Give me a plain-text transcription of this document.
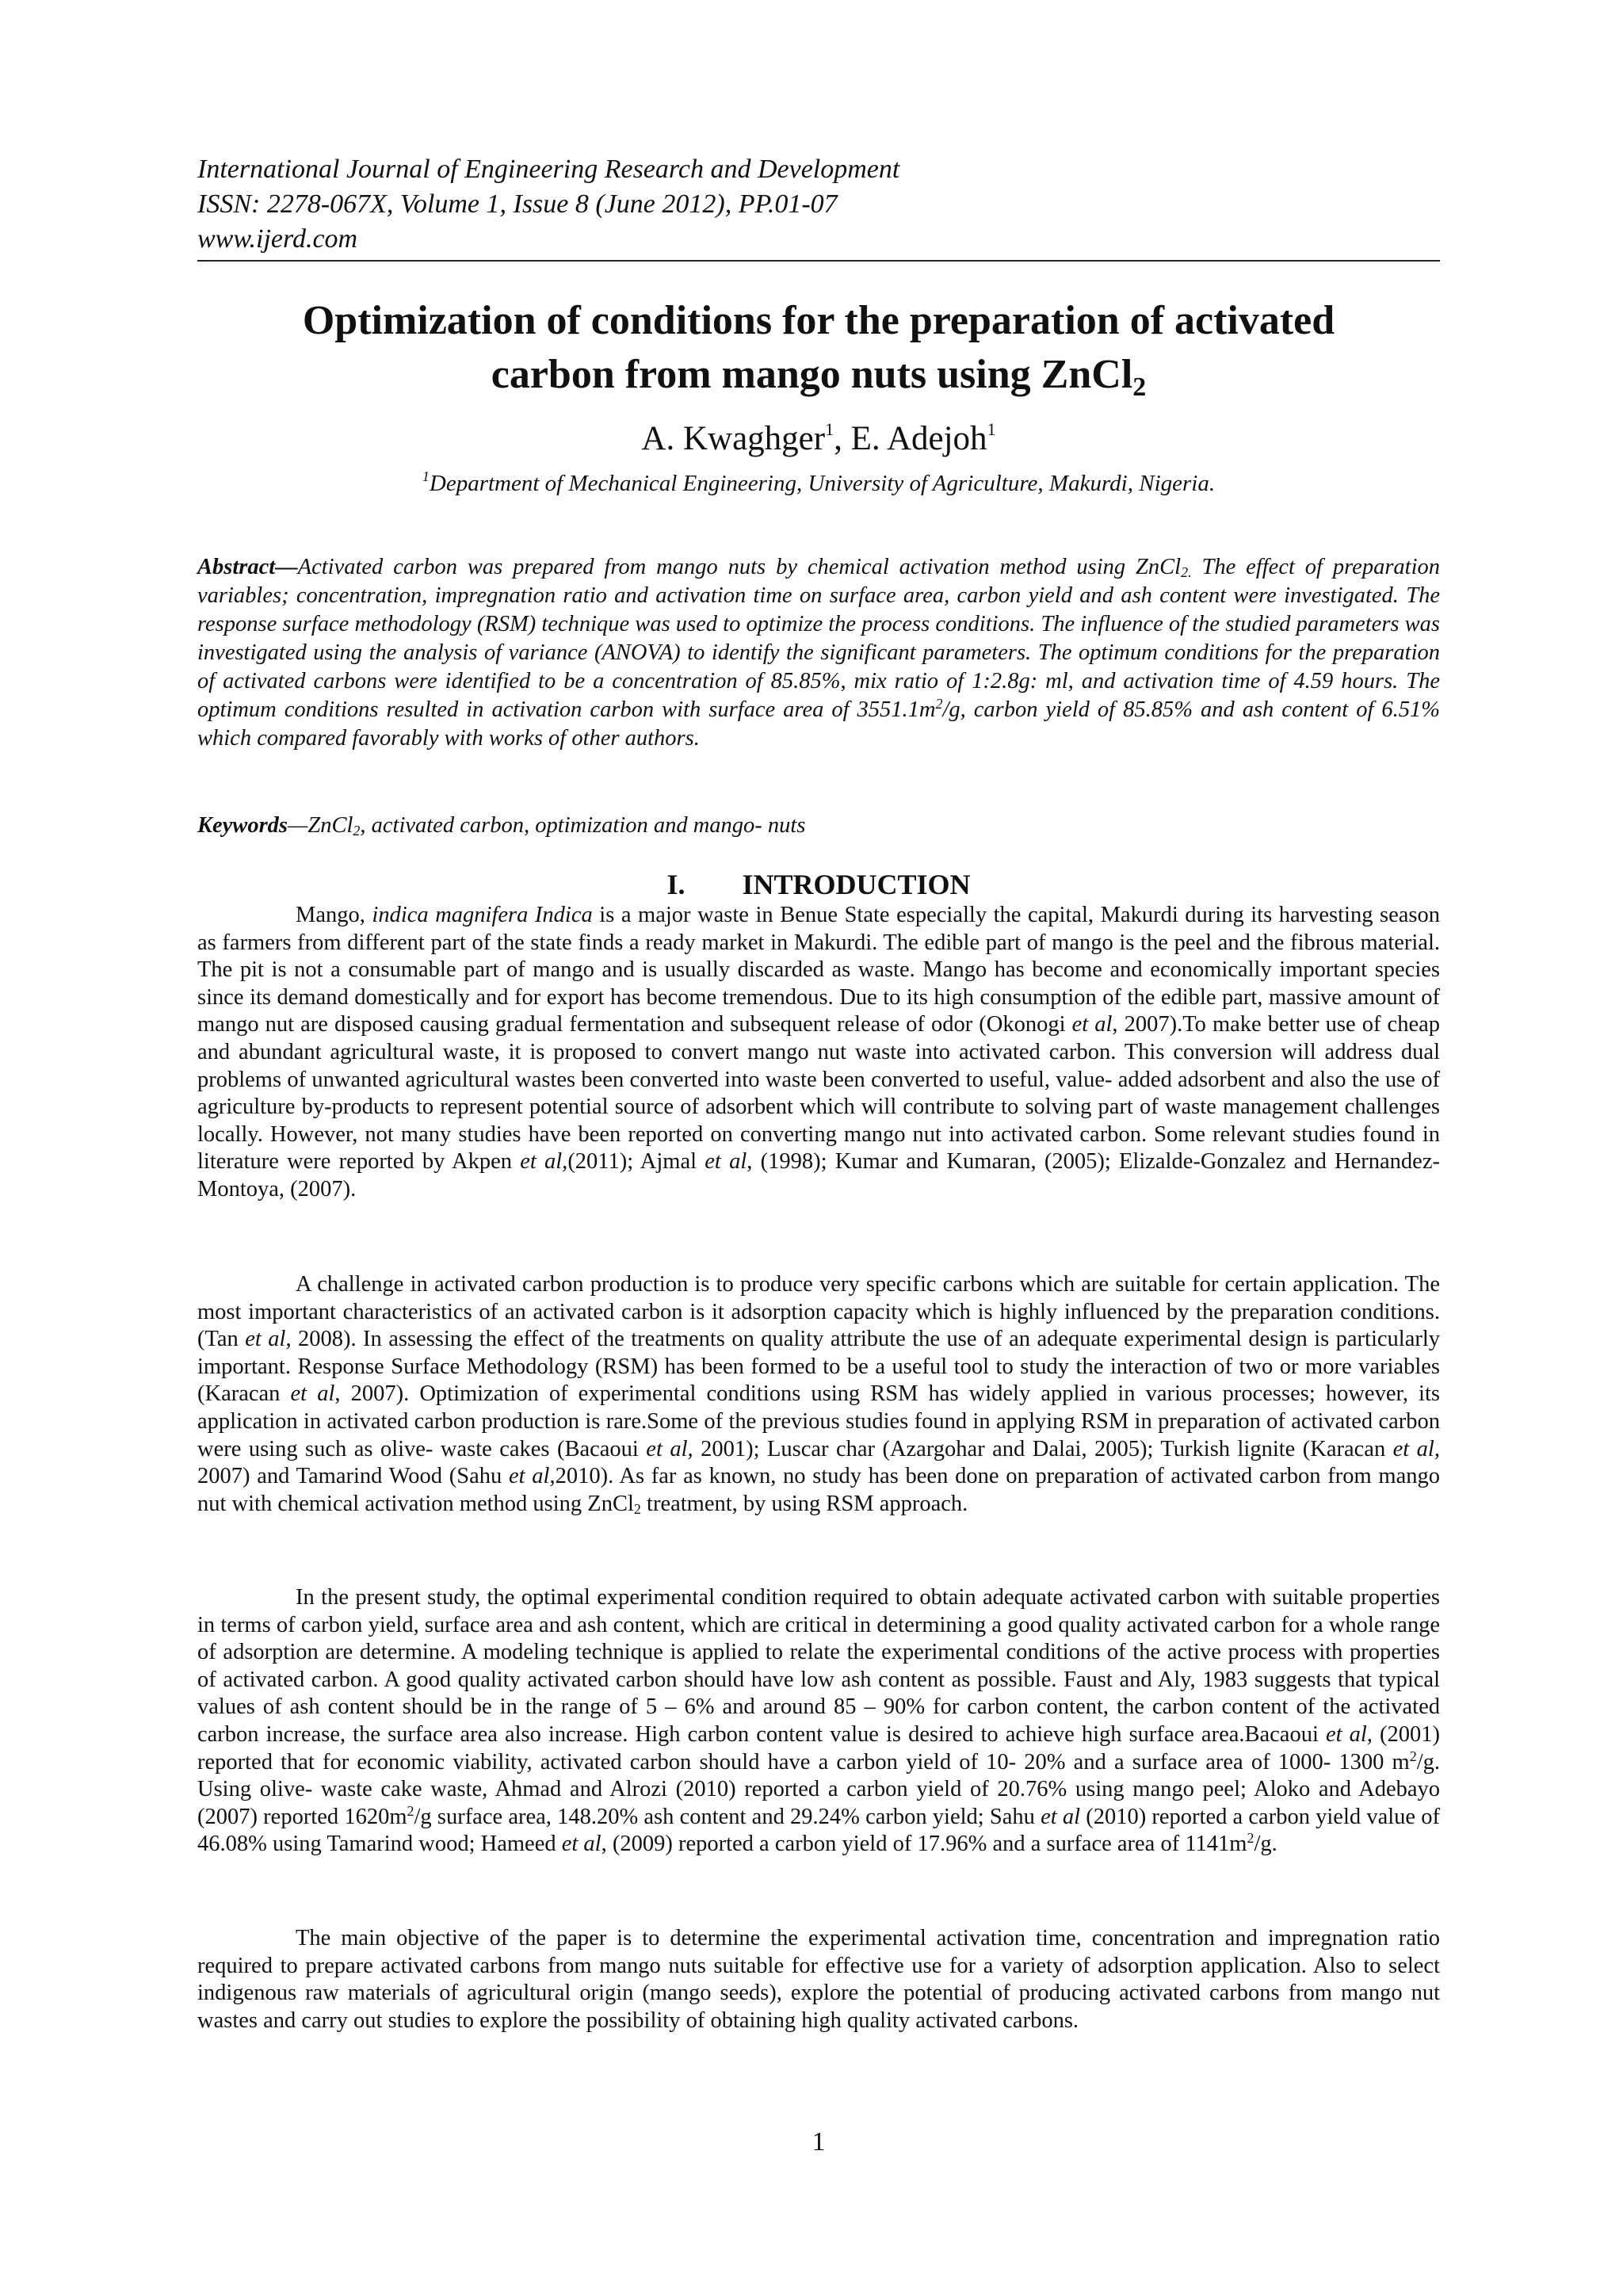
International Journal of Engineering Research and Development
ISSN: 2278-067X, Volume 1, Issue 8 (June 2012), PP.01-07
www.ijerd.com
Optimization of conditions for the preparation of activated
carbon from mango nuts using ZnCl$_2$
A. Kwaghger$^1$, E. Adejoh$^1$
$^1$Department of Mechanical Engineering, University of Agriculture, Makurdi, Nigeria.
Abstract—Activated carbon was prepared from mango nuts by chemical activation method using ZnCl$_{2.}$ The effect of preparation variables; concentration, impregnation ratio and activation time on surface area, carbon yield and ash content were investigated. The response surface methodology (RSM) technique was used to optimize the process conditions. The influence of the studied parameters was investigated using the analysis of variance (ANOVA) to identify the significant parameters. The optimum conditions for the preparation of activated carbons were identified to be a concentration of 85.85%, mix ratio of 1:2.8g: ml, and activation time of 4.59 hours. The optimum conditions resulted in activation carbon with surface area of $3551.1m^2/g$, carbon yield of 85.85% and ash content of 6.51% which compared favorably with works of other authors.
Keywords—ZnCl$_2$, activated carbon, optimization and mango- nuts
I. INTRODUCTION

Mango, indica magnifera Indica is a major waste in Benue State especially the capital, Makurdi during its harvesting season as farmers from different part of the state finds a ready market in Makurdi. The edible part of mango is the peel and the fibrous material. The pit is not a consumable part of mango and is usually discarded as waste. Mango has become and economically important species since its demand domestically and for export has become tremendous. Due to its high consumption of the edible part, massive amount of mango nut are disposed causing gradual fermentation and subsequent release of odor (Okonogi et al, 2007).To make better use of cheap and abundant agricultural waste, it is proposed to convert mango nut waste into activated carbon. This conversion will address dual problems of unwanted agricultural wastes been converted into waste been converted to useful, value- added adsorbent and also the use of agriculture by-products to represent potential source of adsorbent which will contribute to solving part of waste management challenges locally. However, not many studies have been reported on converting mango nut into activated carbon. Some relevant studies found in literature were reported by Akpen et al,(2011); Ajmal et al, (1998); Kumar and Kumaran, (2005); Elizalde-Gonzalez and Hernandez- Montoya, (2007).

A challenge in activated carbon production is to produce very specific carbons which are suitable for certain application. The most important characteristics of an activated carbon is it adsorption capacity which is highly influenced by the preparation conditions. (Tan et al, 2008). In assessing the effect of the treatments on quality attribute the use of an adequate experimental design is particularly important. Response Surface Methodology (RSM) has been formed to be a useful tool to study the interaction of two or more variables (Karacan et al, 2007). Optimization of experimental conditions using RSM has widely applied in various processes; however, its application in activated carbon production is rare.Some of the previous studies found in applying RSM in preparation of activated carbon were using such as olive- waste cakes (Bacaoui et al, 2001); Luscar char (Azargohar and Dalai, 2005); Turkish lignite (Karacan et al, 2007) and Tamarind Wood (Sahu et al,2010). As far as known, no study has been done on preparation of activated carbon from mango nut with chemical activation method using ZnCl$_2$ treatment, by using RSM approach.

In the present study, the optimal experimental condition required to obtain adequate activated carbon with suitable properties in terms of carbon yield, surface area and ash content, which are critical in determining a good quality activated carbon for a whole range of adsorption are determine. A modeling technique is applied to relate the experimental conditions of the active process with properties of activated carbon. A good quality activated carbon should have low ash content as possible. Faust and Aly, 1983 suggests that typical values of ash content should be in the range of 5 – 6% and around 85 – 90% for carbon content, the carbon content of the activated carbon increase, the surface area also increase. High carbon content value is desired to achieve high surface area.Bacaoui et al, (2001) reported that for economic viability, activated carbon should have a carbon yield of 10- 20% and a surface area of 1000- 1300 $m^2/g$. Using olive- waste cake waste, Ahmad and Alrozi (2010) reported a carbon yield of 20.76% using mango peel; Aloko and Adebayo (2007) reported $1620m^2/g$ surface area, 148.20% ash content and 29.24% carbon yield; Sahu et al (2010) reported a carbon yield value of 46.08% using Tamarind wood; Hameed et al, (2009) reported a carbon yield of 17.96% and a surface area of $1141m^2/g$.

The main objective of the paper is to determine the experimental activation time, concentration and impregnation ratio required to prepare activated carbons from mango nuts suitable for effective use for a variety of adsorption application. Also to select indigenous raw materials of agricultural origin (mango seeds), explore the potential of producing activated carbons from mango nut wastes and carry out studies to explore the possibility of obtaining high quality activated carbons.

1
